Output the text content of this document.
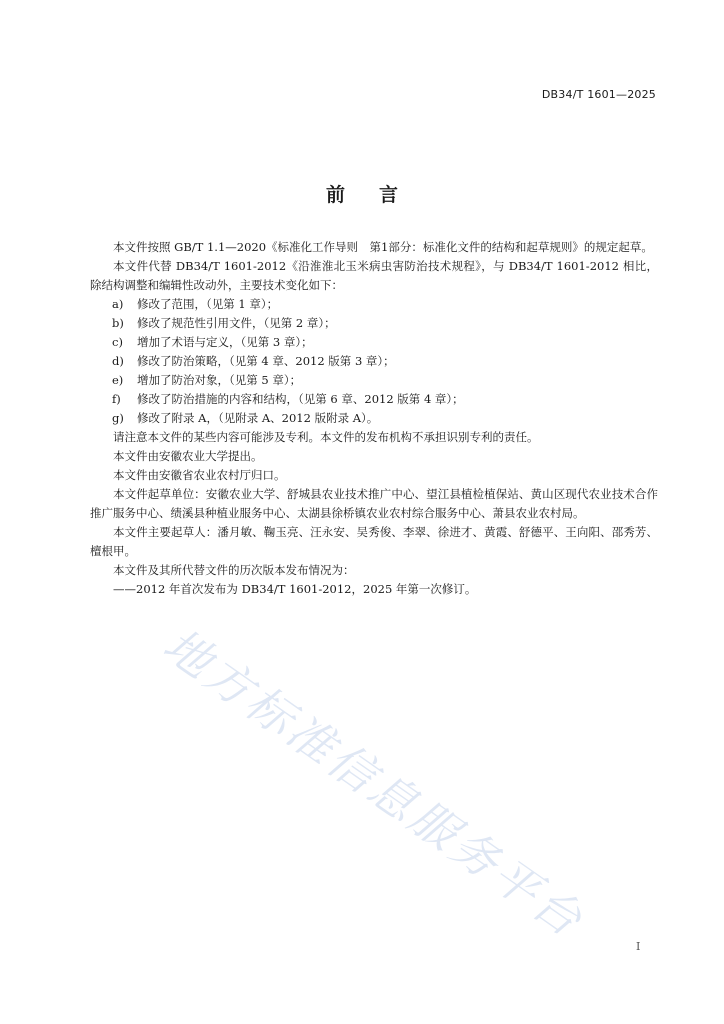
DB34/T 1601—2025
前言

本文件按照 GB/T 1.1—2020《标准化工作导则　第1部分：标准化文件的结构和起草规则》的规定起草。

本文件代替 DB34/T 1601-2012《沿淮淮北玉米病虫害防治技术规程》，与 DB34/T 1601-2012 相比，除结构调整和编辑性改动外，主要技术变化如下：

a)	修改了范围，（见第 1 章）；

b)	修改了规范性引用文件，（见第 2 章）；

c)	增加了术语与定义，（见第 3 章）；

d)	修改了防治策略，（见第 4 章、2012 版第 3 章）；

e)	增加了防治对象，（见第 5 章）；

f)	修改了防治措施的内容和结构，（见第 6 章、2012 版第 4 章）；

g)	修改了附录 A，（见附录 A、2012 版附录 A）。

请注意本文件的某些内容可能涉及专利。本文件的发布机构不承担识别专利的责任。

本文件由安徽农业大学提出。

本文件由安徽省农业农村厅归口。

本文件起草单位：安徽农业大学、舒城县农业技术推广中心、望江县植检植保站、黄山区现代农业技术合作推广服务中心、绩溪县种植业服务中心、太湖县徐桥镇农业农村综合服务中心、萧县农业农村局。

本文件主要起草人：潘月敏、鞠玉亮、汪永安、吴秀俊、李翠、徐进才、黄霞、舒德平、王向阳、邵秀芳、檀根甲。

本文件及其所代替文件的历次版本发布情况为：

——2012 年首次发布为 DB34/T 1601-2012，2025 年第一次修订。

地方标准信息服务平台	I
